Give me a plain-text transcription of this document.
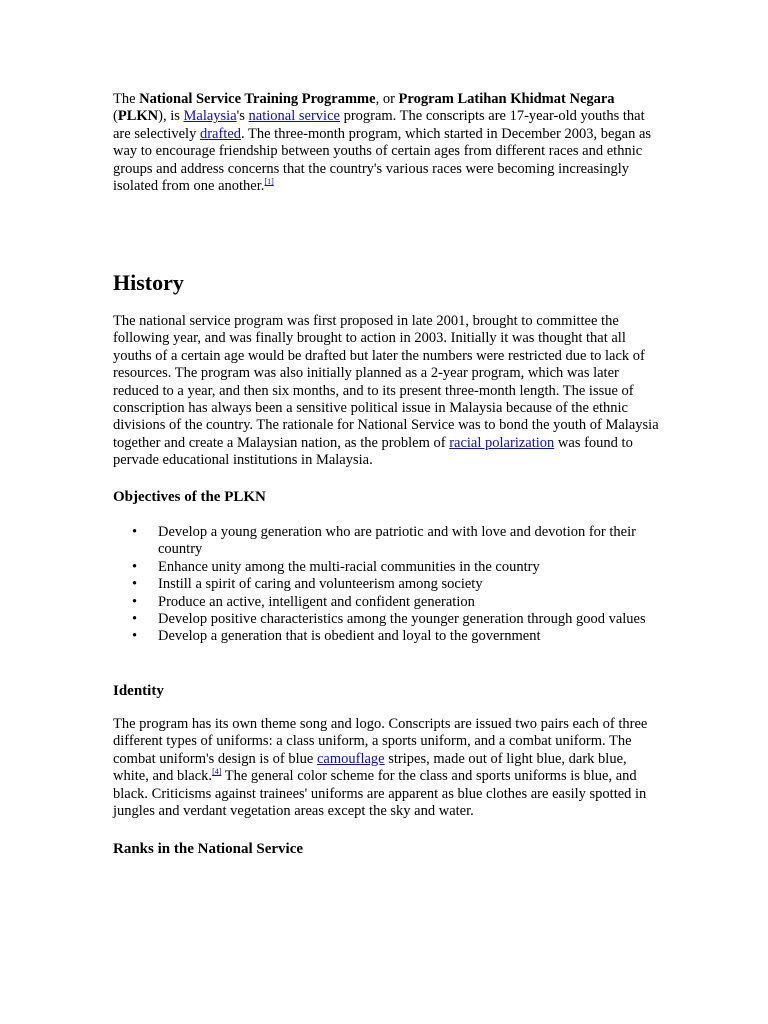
The National Service Training Programme, or Program Latihan Khidmat Negara (PLKN), is Malaysia's national service program. The conscripts are 17-year-old youths that are selectively drafted. The three-month program, which started in December 2003, began as way to encourage friendship between youths of certain ages from different races and ethnic groups and address concerns that the country's various races were becoming increasingly isolated from one another.[1]

History

The national service program was first proposed in late 2001, brought to committee the following year, and was finally brought to action in 2003. Initially it was thought that all youths of a certain age would be drafted but later the numbers were restricted due to lack of resources. The program was also initially planned as a 2-year program, which was later reduced to a year, and then six months, and to its present three-month length. The issue of conscription has always been a sensitive political issue in Malaysia because of the ethnic divisions of the country. The rationale for National Service was to bond the youth of Malaysia together and create a Malaysian nation, as the problem of racial polarization was found to pervade educational institutions in Malaysia.

Objectives of the PLKN
• Develop a young generation who are patriotic and with love and devotion for their country
• Enhance unity among the multi-racial communities in the country
• Instill a spirit of caring and volunteerism among society
• Produce an active, intelligent and confident generation
• Develop positive characteristics among the younger generation through good values
• Develop a generation that is obedient and loyal to the government
Identity

The program has its own theme song and logo. Conscripts are issued two pairs each of three different types of uniforms: a class uniform, a sports uniform, and a combat uniform. The combat uniform's design is of blue camouflage stripes, made out of light blue, dark blue, white, and black.[4] The general color scheme for the class and sports uniforms is blue, and black. Criticisms against trainees' uniforms are apparent as blue clothes are easily spotted in jungles and verdant vegetation areas except the sky and water.

Ranks in the National Service
